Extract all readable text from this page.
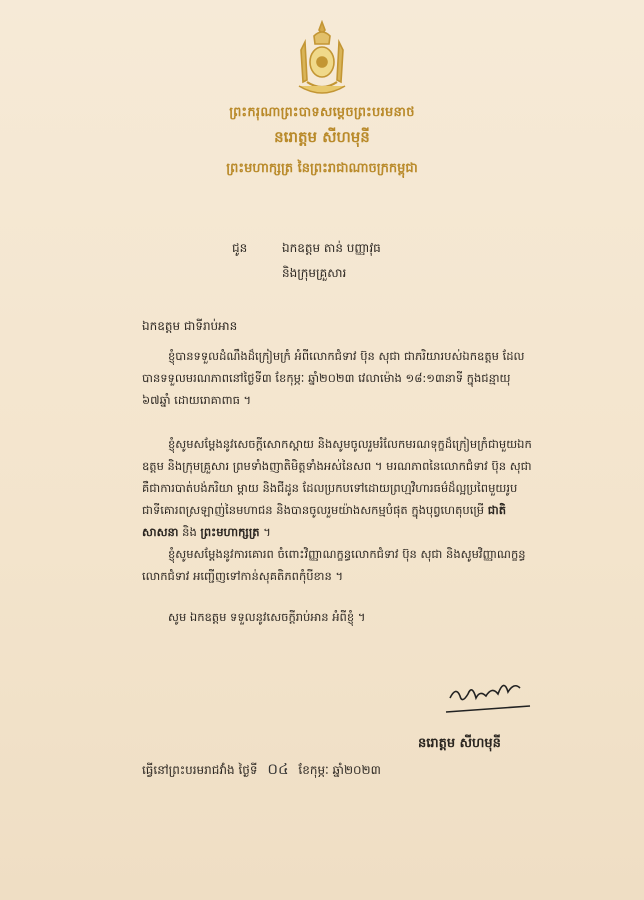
ព្រះករុណាព្រះបាទសម្តេចព្រះបរមនាថ
នរោត្តម សីហមុនី
ព្រះមហាក្សត្រ នៃព្រះរាជាណាចក្រកម្ពុជា
ជូន	ឯកឧត្តម តាន់ បញ្ញាវុធ
និងក្រុមគ្រួសារ
ឯកឧត្តម ជាទីរាប់អាន
ខ្ញុំបានទទួលដំណឹងដ៏ក្រៀមក្រំ អំពីលោកជំទាវ ប៊ុន សុជា ជាភរិយារបស់ឯកឧត្តម ដែលបានទទួលមរណភាពនៅថ្ងៃទី៣ ខែកុម្ភៈ ឆ្នាំ២០២៣ វេលាម៉ោង ១៨:១៣នាទី ក្នុងជន្មាយុ ៦៧ឆ្នាំ ដោយរោគាពាធ ។
ខ្ញុំសូមសម្តែងនូវសេចក្តីសោកស្តាយ និងសូមចូលរួមរំលែកមរណទុក្ខដ៏ក្រៀមក្រំជាមួយឯកឧត្តម និងក្រុមគ្រួសារ ព្រមទាំងញាតិមិត្តទាំងអស់នៃសព ។ មរណភាពនៃលោកជំទាវ ប៊ុន សុជា គឺជាការបាត់បង់ភរិយា ម្តាយ និងជីដូន ដែលប្រកបទៅដោយព្រហ្មវិហារធម៌ដ៏ល្អប្រពៃមួយរូប ជាទីគោរពស្រឡាញ់នៃមហាជន និងបានចូលរួមយ៉ាងសកម្មបំផុត ក្នុងបុព្វហេតុបម្រើ ជាតិ សាសនា និង ព្រះមហាក្សត្រ ។
ខ្ញុំសូមសម្តែងនូវការគោរព ចំពោះវិញ្ញាណក្ខន្ធលោកជំទាវ ប៊ុន សុជា និងសូមវិញ្ញាណក្ខន្ធលោកជំទាវ អញ្ជើញទៅកាន់សុគតិភពកុំបីខាន ។
សូម ឯកឧត្តម ទទួលនូវសេចក្តីរាប់អាន អំពីខ្ញុំ ។
នរោត្តម សីហមុនី
ធ្វើនៅព្រះបរមរាជវាំង ថ្ងៃទី ០៤ ខែកុម្ភៈ ឆ្នាំ២០២៣
